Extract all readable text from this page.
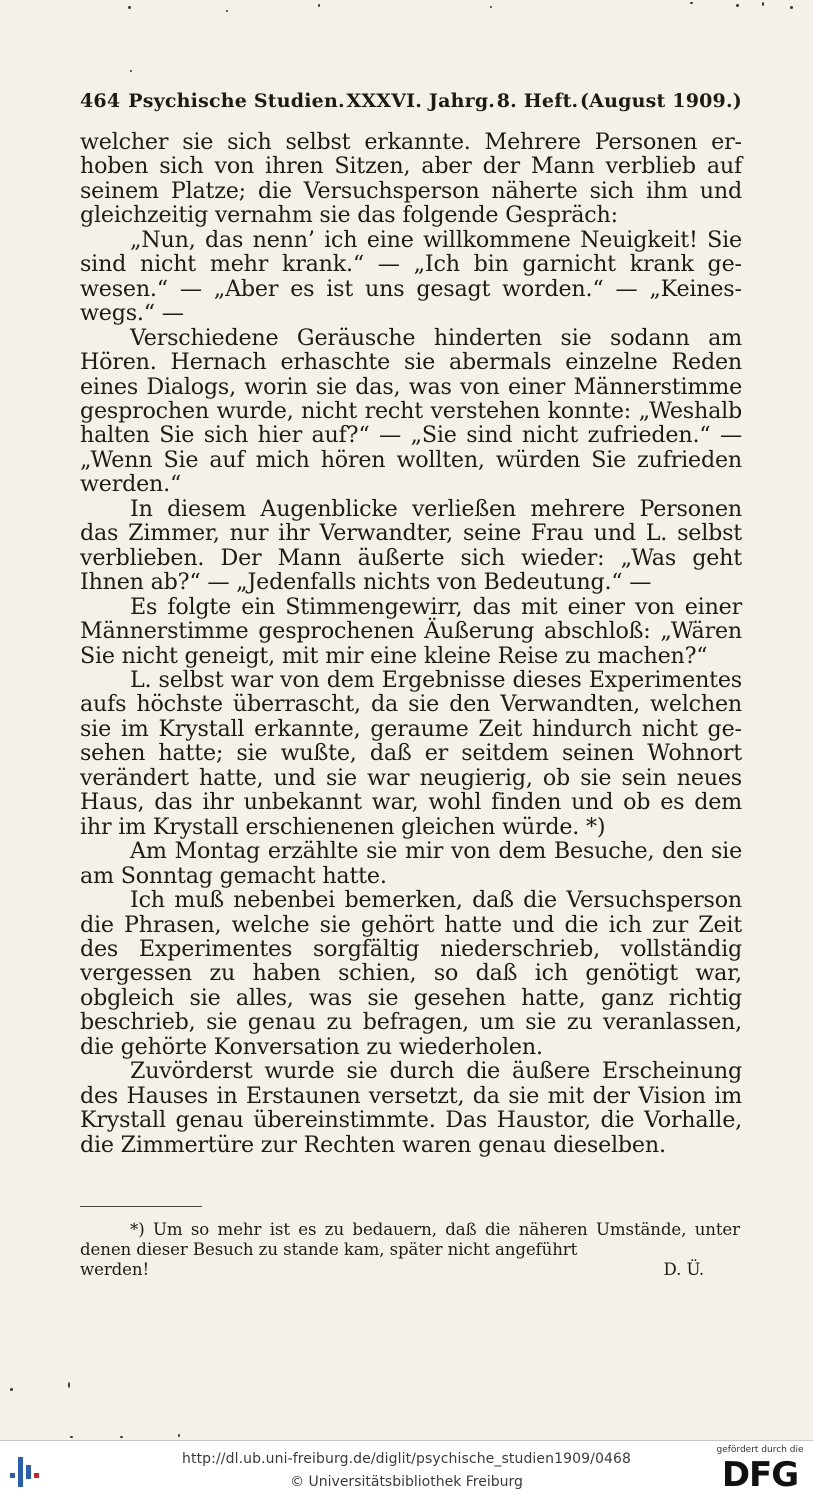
464 Psychische Studien. XXXVI. Jahrg. 8. Heft. (August 1909.)

welcher sie sich selbst erkannte. Mehrere Personen erhoben sich von ihren Sitzen, aber der Mann verblieb auf seinem Platze; die Versuchsperson näherte sich ihm und gleichzeitig vernahm sie das folgende Gespräch:

„Nun, das nenn’ ich eine willkommene Neuigkeit! Sie sind nicht mehr krank.“ — „Ich bin garnicht krank gewesen.“ — „Aber es ist uns gesagt worden.“ — „Keineswegs.“ —

Verschiedene Geräusche hinderten sie sodann am Hören. Hernach erhaschte sie abermals einzelne Reden eines Dialogs, worin sie das, was von einer Männerstimme gesprochen wurde, nicht recht verstehen konnte: „Weshalb halten Sie sich hier auf?“ — „Sie sind nicht zufrieden.“ — „Wenn Sie auf mich hören wollten, würden Sie zufrieden werden.“

In diesem Augenblicke verließen mehrere Personen das Zimmer, nur ihr Verwandter, seine Frau und L. selbst verblieben. Der Mann äußerte sich wieder: „Was geht Ihnen ab?“ — „Jedenfalls nichts von Bedeutung.“ —

Es folgte ein Stimmengewirr, das mit einer von einer Männerstimme gesprochenen Äußerung abschloß: „Wären Sie nicht geneigt, mit mir eine kleine Reise zu machen?“

L. selbst war von dem Ergebnisse dieses Experimentes aufs höchste überrascht, da sie den Verwandten, welchen sie im Krystall erkannte, geraume Zeit hindurch nicht gesehen hatte; sie wußte, daß er seitdem seinen Wohnort verändert hatte, und sie war neugierig, ob sie sein neues Haus, das ihr unbekannt war, wohl finden und ob es dem ihr im Krystall erschienenen gleichen würde. *)

Am Montag erzählte sie mir von dem Besuche, den sie am Sonntag gemacht hatte.

Ich muß nebenbei bemerken, daß die Versuchsperson die Phrasen, welche sie gehört hatte und die ich zur Zeit des Experimentes sorgfältig niederschrieb, vollständig vergessen zu haben schien, so daß ich genötigt war, obgleich sie alles, was sie gesehen hatte, ganz richtig beschrieb, sie genau zu befragen, um sie zu veranlassen, die gehörte Konversation zu wiederholen.

Zuvörderst wurde sie durch die äußere Erscheinung des Hauses in Erstaunen versetzt, da sie mit der Vision im Krystall genau übereinstimmte. Das Haustor, die Vorhalle, die Zimmertüre zur Rechten waren genau dieselben.

*) Um so mehr ist es zu bedauern, daß die näheren Umstände, unter denen dieser Besuch zu stande kam, später nicht angeführt

werden!	D. Ü.

http://dl.ub.uni-freiburg.de/diglit/psychische_studien1909/0468
© Universitätsbibliothek Freiburg
gefördert durch die
DFG
